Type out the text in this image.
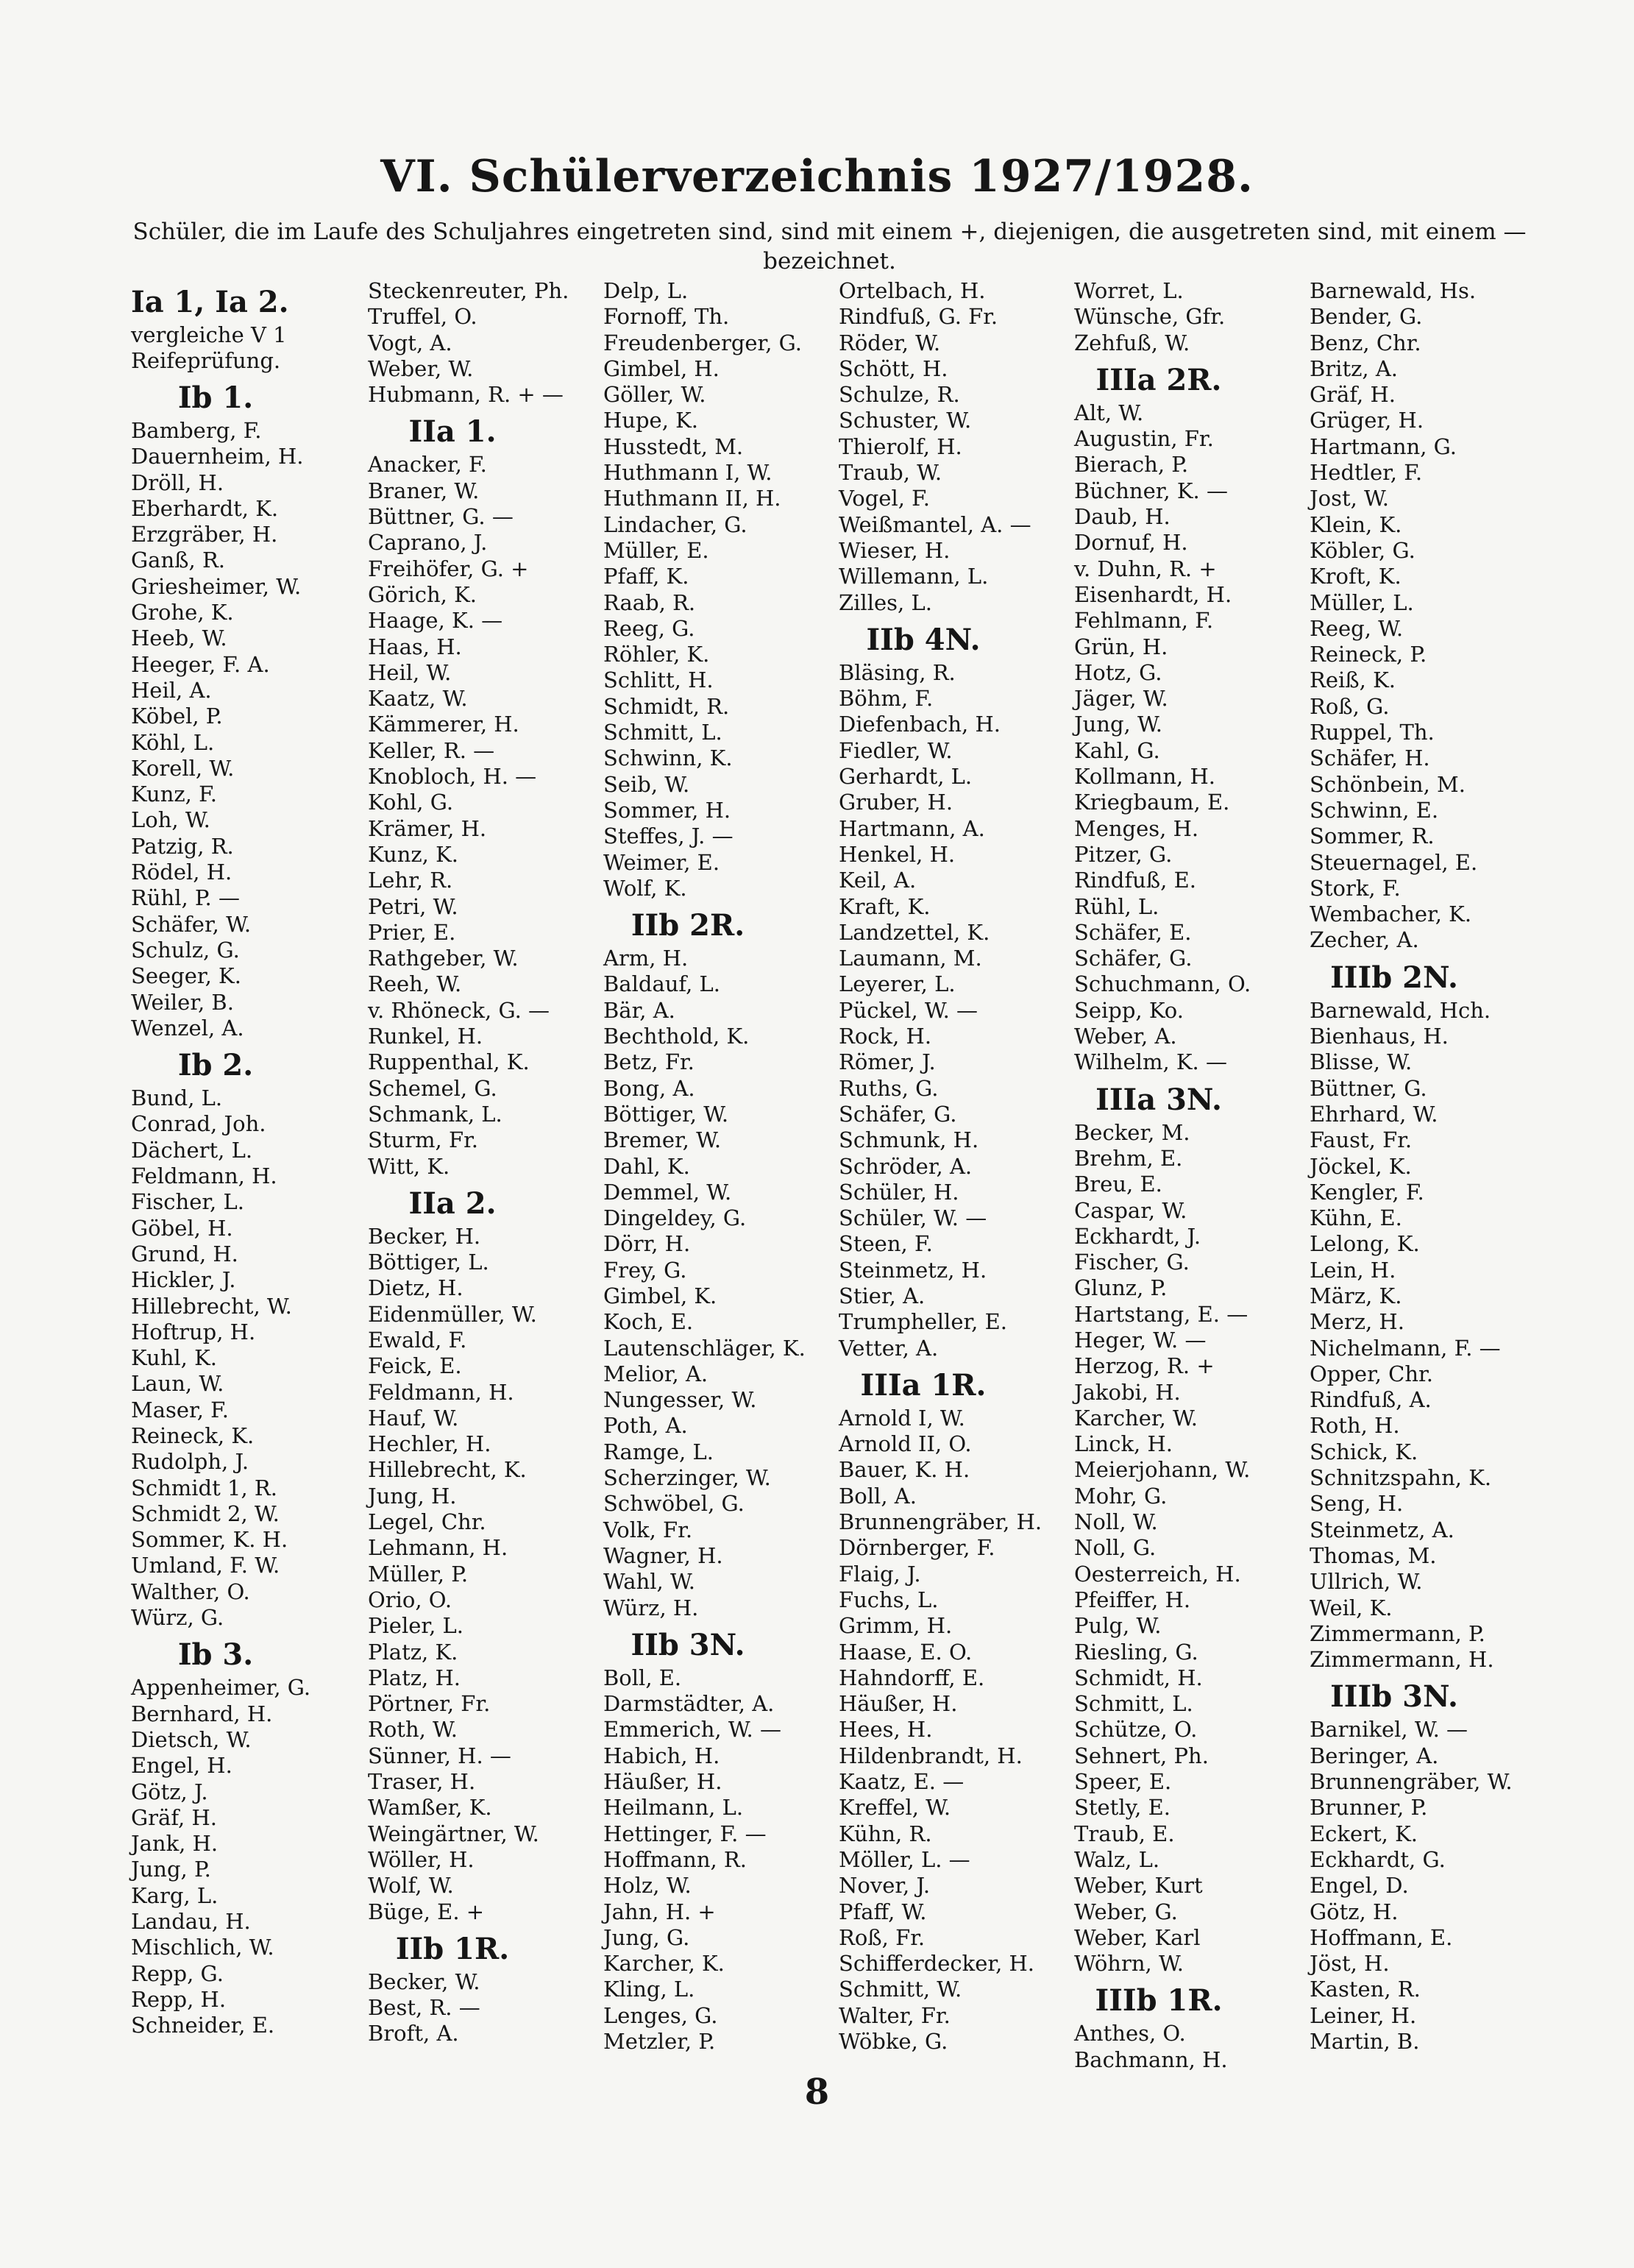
VI. Schülerverzeichnis 1927/1928.
Schüler, die im Laufe des Schuljahres eingetreten sind, sind mit einem +, diejenigen, die ausgetreten sind, mit einem — bezeichnet.
Ia 1, Ia 2.
vergleiche V 1 Reifeprüfung.
Ib 1.
Bamberg, F.
Dauernheim, H.
Dröll, H.
Eberhardt, K.
Erzgräber, H.
Ganß, R.
Griesheimer, W.
Grohe, K.
Heeb, W.
Heeger, F. A.
Heil, A.
Köbel, P.
Köhl, L.
Korell, W.
Kunz, F.
Loh, W.
Patzig, R.
Rödel, H.
Rühl, P. —
Schäfer, W.
Schulz, G.
Seeger, K.
Weiler, B.
Wenzel, A.
Ib 2.
Bund, L.
Conrad, Joh.
Dächert, L.
Feldmann, H.
Fischer, L.
Göbel, H.
Grund, H.
Hickler, J.
Hillebrecht, W.
Hoftrup, H.
Kuhl, K.
Laun, W.
Maser, F.
Reineck, K.
Rudolph, J.
Schmidt 1, R.
Schmidt 2, W.
Sommer, K. H.
Umland, F. W.
Walther, O.
Würz, G.
Ib 3.
Appenheimer, G.
Bernhard, H.
Dietsch, W.
Engel, H.
Götz, J.
Gräf, H.
Jank, H.
Jung, P.
Karg, L.
Landau, H.
Mischlich, W.
Repp, G.
Repp, H.
Schneider, E.
Steckenreuter, Ph.
Truffel, O.
Vogt, A.
Weber, W.
Hubmann, R. + —
IIa 1.
Anacker, F.
Braner, W.
Büttner, G. —
Caprano, J.
Freihöfer, G. +
Görich, K.
Haage, K. —
Haas, H.
Heil, W.
Kaatz, W.
Kämmerer, H.
Keller, R. —
Knobloch, H. —
Kohl, G.
Krämer, H.
Kunz, K.
Lehr, R.
Petri, W.
Prier, E.
Rathgeber, W.
Reeh, W.
v. Rhöneck, G. —
Runkel, H.
Ruppenthal, K.
Schemel, G.
Schmank, L.
Sturm, Fr.
Witt, K.
IIa 2.
Becker, H.
Böttiger, L.
Dietz, H.
Eidenmüller, W.
Ewald, F.
Feick, E.
Feldmann, H.
Hauf, W.
Hechler, H.
Hillebrecht, K.
Jung, H.
Legel, Chr.
Lehmann, H.
Müller, P.
Orio, O.
Pieler, L.
Platz, K.
Platz, H.
Pörtner, Fr.
Roth, W.
Sünner, H. —
Traser, H.
Wamßer, K.
Weingärtner, W.
Wöller, H.
Wolf, W.
Büge, E. +
IIb 1R.
Becker, W.
Best, R. —
Broft, A.
Delp, L.
Fornoff, Th.
Freudenberger, G.
Gimbel, H.
Göller, W.
Hupe, K.
Husstedt, M.
Huthmann I, W.
Huthmann II, H.
Lindacher, G.
Müller, E.
Pfaff, K.
Raab, R.
Reeg, G.
Röhler, K.
Schlitt, H.
Schmidt, R.
Schmitt, L.
Schwinn, K.
Seib, W.
Sommer, H.
Steffes, J. —
Weimer, E.
Wolf, K.
IIb 2R.
Arm, H.
Baldauf, L.
Bär, A.
Bechthold, K.
Betz, Fr.
Bong, A.
Böttiger, W.
Bremer, W.
Dahl, K.
Demmel, W.
Dingeldey, G.
Dörr, H.
Frey, G.
Gimbel, K.
Koch, E.
Lautenschläger, K.
Melior, A.
Nungesser, W.
Poth, A.
Ramge, L.
Scherzinger, W.
Schwöbel, G.
Volk, Fr.
Wagner, H.
Wahl, W.
Würz, H.
IIb 3N.
Boll, E.
Darmstädter, A.
Emmerich, W. —
Habich, H.
Häußer, H.
Heilmann, L.
Hettinger, F. —
Hoffmann, R.
Holz, W.
Jahn, H. +
Jung, G.
Karcher, K.
Kling, L.
Lenges, G.
Metzler, P.
Ortelbach, H.
Rindfuß, G. Fr.
Röder, W.
Schött, H.
Schulze, R.
Schuster, W.
Thierolf, H.
Traub, W.
Vogel, F.
Weißmantel, A. —
Wieser, H.
Willemann, L.
Zilles, L.
IIb 4N.
Bläsing, R.
Böhm, F.
Diefenbach, H.
Fiedler, W.
Gerhardt, L.
Gruber, H.
Hartmann, A.
Henkel, H.
Keil, A.
Kraft, K.
Landzettel, K.
Laumann, M.
Leyerer, L.
Pückel, W. —
Rock, H.
Römer, J.
Ruths, G.
Schäfer, G.
Schmunk, H.
Schröder, A.
Schüler, H.
Schüler, W. —
Steen, F.
Steinmetz, H.
Stier, A.
Trumpheller, E.
Vetter, A.
IIIa 1R.
Arnold I, W.
Arnold II, O.
Bauer, K. H.
Boll, A.
Brunnengräber, H.
Dörnberger, F.
Flaig, J.
Fuchs, L.
Grimm, H.
Haase, E. O.
Hahndorff, E.
Häußer, H.
Hees, H.
Hildenbrandt, H.
Kaatz, E. —
Kreffel, W.
Kühn, R.
Möller, L. —
Nover, J.
Pfaff, W.
Roß, Fr.
Schifferdecker, H.
Schmitt, W.
Walter, Fr.
Wöbke, G.
Worret, L.
Wünsche, Gfr.
Zehfuß, W.
IIIa 2R.
Alt, W.
Augustin, Fr.
Bierach, P.
Büchner, K. —
Daub, H.
Dornuf, H.
v. Duhn, R. +
Eisenhardt, H.
Fehlmann, F.
Grün, H.
Hotz, G.
Jäger, W.
Jung, W.
Kahl, G.
Kollmann, H.
Kriegbaum, E.
Menges, H.
Pitzer, G.
Rindfuß, E.
Rühl, L.
Schäfer, E.
Schäfer, G.
Schuchmann, O.
Seipp, Ko.
Weber, A.
Wilhelm, K. —
IIIa 3N.
Becker, M.
Brehm, E.
Breu, E.
Caspar, W.
Eckhardt, J.
Fischer, G.
Glunz, P.
Hartstang, E. —
Heger, W. —
Herzog, R. +
Jakobi, H.
Karcher, W.
Linck, H.
Meierjohann, W.
Mohr, G.
Noll, W.
Noll, G.
Oesterreich, H.
Pfeiffer, H.
Pulg, W.
Riesling, G.
Schmidt, H.
Schmitt, L.
Schütze, O.
Sehnert, Ph.
Speer, E.
Stetly, E.
Traub, E.
Walz, L.
Weber, Kurt
Weber, G.
Weber, Karl
Wöhrn, W.
IIIb 1R.
Anthes, O.
Bachmann, H.
Barnewald, Hs.
Bender, G.
Benz, Chr.
Britz, A.
Gräf, H.
Grüger, H.
Hartmann, G.
Hedtler, F.
Jost, W.
Klein, K.
Köbler, G.
Kroft, K.
Müller, L.
Reeg, W.
Reineck, P.
Reiß, K.
Roß, G.
Ruppel, Th.
Schäfer, H.
Schönbein, M.
Schwinn, E.
Sommer, R.
Steuernagel, E.
Stork, F.
Wembacher, K.
Zecher, A.
IIIb 2N.
Barnewald, Hch.
Bienhaus, H.
Blisse, W.
Büttner, G.
Ehrhard, W.
Faust, Fr.
Jöckel, K.
Kengler, F.
Kühn, E.
Lelong, K.
Lein, H.
März, K.
Merz, H.
Nichelmann, F. —
Opper, Chr.
Rindfuß, A.
Roth, H.
Schick, K.
Schnitzspahn, K.
Seng, H.
Steinmetz, A.
Thomas, M.
Ullrich, W.
Weil, K.
Zimmermann, P.
Zimmermann, H.
IIIb 3N.
Barnikel, W. —
Beringer, A.
Brunnengräber, W.
Brunner, P.
Eckert, K.
Eckhardt, G.
Engel, D.
Götz, H.
Hoffmann, E.
Jöst, H.
Kasten, R.
Leiner, H.
Martin, B.
8
